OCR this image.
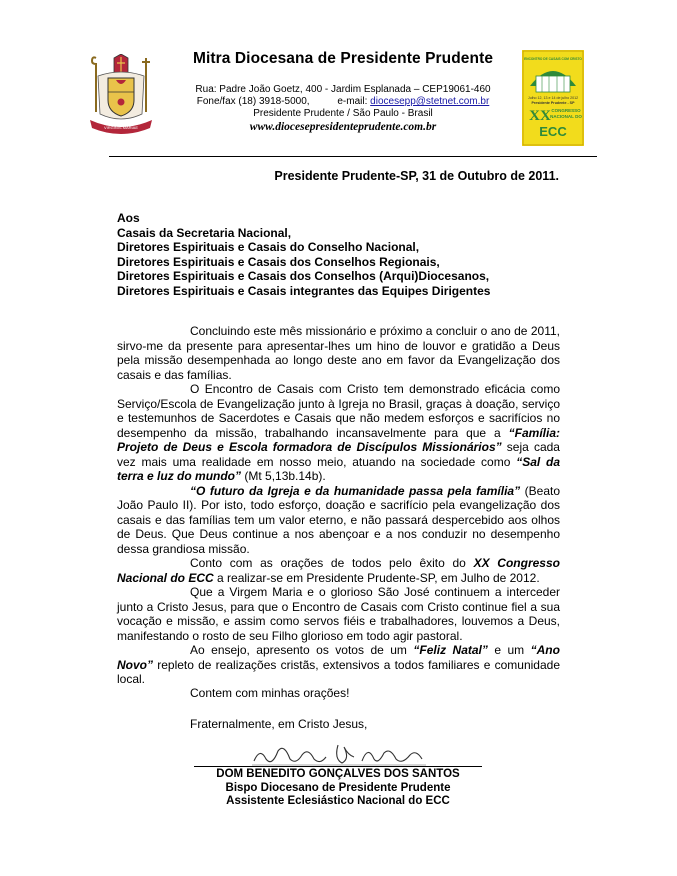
VIRGINIS MARIAE
Mitra Diocesana de Presidente Prudente
Rua: Padre João Goetz, 400 - Jardim Esplanada – CEP19061-460
Fone/fax (18) 3918-5000,	e-mail: diocesepp@stetnet.com.br
Presidente Prudente / São Paulo - Brasil
www.diocesepresidenteprudente.com.br
ENCONTRO DE CASAIS COM CRISTO
Julho 12, 13 e 14 de julho 2012
Presidente Prudente - SP
XX CONGRESSO
NACIONAL DO
ECC
Presidente Prudente-SP, 31 de Outubro de 2011.
Aos
Casais da Secretaria Nacional,
Diretores Espirituais e Casais do Conselho Nacional,
Diretores Espirituais e Casais dos Conselhos Regionais,
Diretores Espirituais e Casais dos Conselhos (Arqui)Diocesanos,
Diretores Espirituais e Casais integrantes das Equipes Dirigentes

Concluindo este mês missionário e próximo a concluir o ano de 2011, sirvo-me da presente para apresentar-lhes um hino de louvor e gratidão a Deus pela missão desempenhada ao longo deste ano em favor da Evangelização dos casais e das famílias.

O Encontro de Casais com Cristo tem demonstrado eficácia como Serviço/Escola de Evangelização junto à Igreja no Brasil, graças à doação, serviço e testemunhos de Sacerdotes e Casais que não medem esforços e sacrifícios no desempenho da missão, trabalhando incansavelmente para que a “Família: Projeto de Deus e Escola formadora de Discípulos Missionários” seja cada vez mais uma realidade em nosso meio, atuando na sociedade como “Sal da terra e luz do mundo” (Mt 5,13b.14b).

“O futuro da Igreja e da humanidade passa pela família” (Beato João Paulo II). Por isto, todo esforço, doação e sacrifício pela evangelização dos casais e das famílias tem um valor eterno, e não passará despercebido aos olhos de Deus. Que Deus continue a nos abençoar e a nos conduzir no desempenho dessa grandiosa missão.

Conto com as orações de todos pelo êxito do XX Congresso Nacional do ECC a realizar-se em Presidente Prudente-SP, em Julho de 2012.

Que a Virgem Maria e o glorioso São José continuem a interceder junto a Cristo Jesus, para que o Encontro de Casais com Cristo continue fiel a sua vocação e missão, e assim como servos fiéis e trabalhadores, louvemos a Deus, manifestando o rosto de seu Filho glorioso em todo agir pastoral.

Ao ensejo, apresento os votos de um “Feliz Natal” e um “Ano Novo” repleto de realizações cristãs, extensivos a todos familiares e comunidade local.

Contem com minhas orações!
Fraternalmente, em Cristo Jesus,
DOM BENEDITO GONÇALVES DOS SANTOS
Bispo Diocesano de Presidente Prudente
Assistente Eclesiástico Nacional do ECC
